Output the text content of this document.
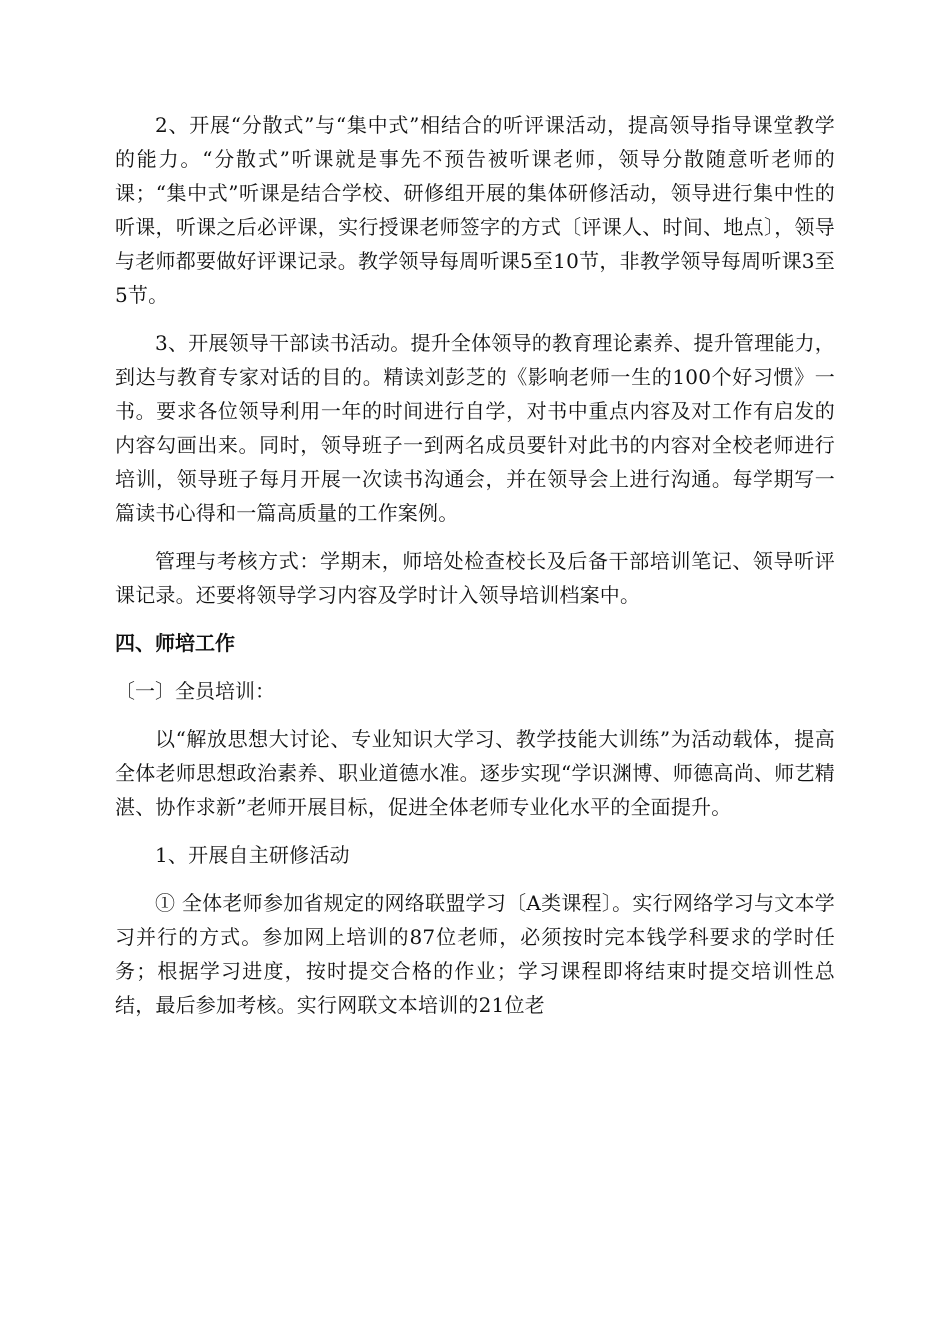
2、开展“分散式”与“集中式”相结合的听评课活动，提高领导指导课堂教学的能力。“分散式”听课就是事先不预告被听课老师，领导分散随意听老师的课；“集中式”听课是结合学校、研修组开展的集体研修活动，领导进行集中性的听课，听课之后必评课，实行授课老师签字的方式〔评课人、时间、地点〕，领导与老师都要做好评课记录。教学领导每周听课5至10节，非教学领导每周听课3至5节。

3、开展领导干部读书活动。提升全体领导的教育理论素养、提升管理能力，到达与教育专家对话的目的。精读刘彭芝的《影响老师一生的100个好习惯》一书。要求各位领导利用一年的时间进行自学，对书中重点内容及对工作有启发的内容勾画出来。同时，领导班子一到两名成员要针对此书的内容对全校老师进行培训，领导班子每月开展一次读书沟通会，并在领导会上进行沟通。每学期写一篇读书心得和一篇高质量的工作案例。

管理与考核方式：学期末，师培处检查校长及后备干部培训笔记、领导听评课记录。还要将领导学习内容及学时计入领导培训档案中。

四、师培工作
〔一〕全员培训：

以“解放思想大讨论、专业知识大学习、教学技能大训练”为活动载体，提高全体老师思想政治素养、职业道德水准。逐步实现“学识渊博、师德高尚、师艺精湛、协作求新”老师开展目标，促进全体老师专业化水平的全面提升。

1、开展自主研修活动

① 全体老师参加省规定的网络联盟学习〔A类课程〕。实行网络学习与文本学习并行的方式。参加网上培训的87位老师，必须按时完本钱学科要求的学时任务；根据学习进度，按时提交合格的作业；学习课程即将结束时提交培训性总结，最后参加考核。实行网联文本培训的21位老
